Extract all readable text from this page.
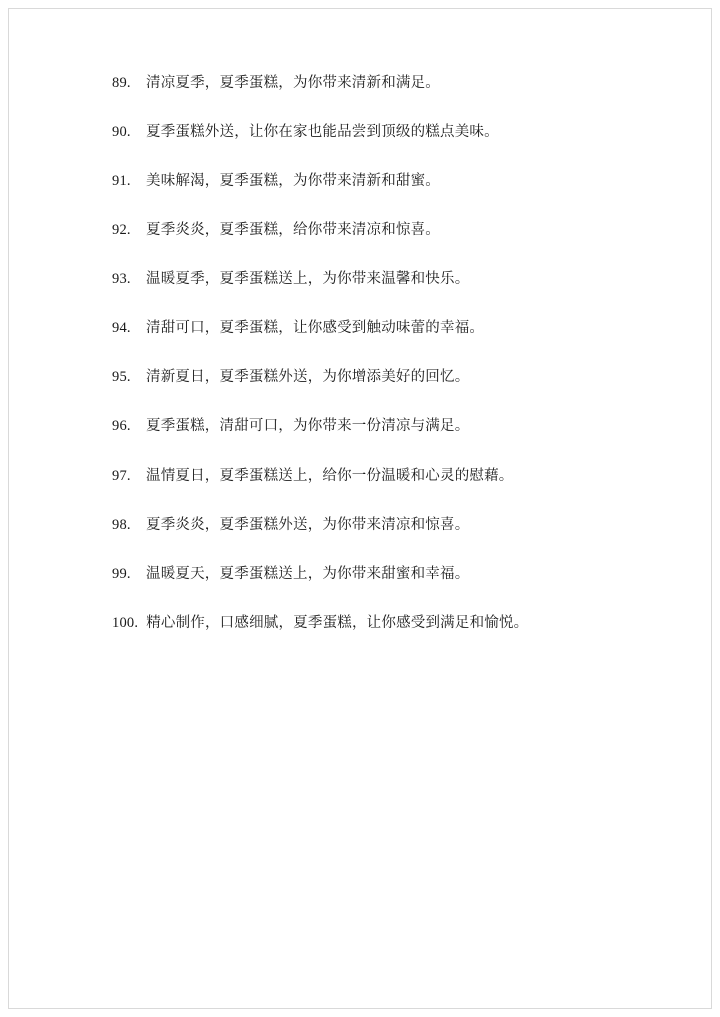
89.	清凉夏季，夏季蛋糕，为你带来清新和满足。
90.	夏季蛋糕外送，让你在家也能品尝到顶级的糕点美味。
91.	美味解渴，夏季蛋糕，为你带来清新和甜蜜。
92.	夏季炎炎，夏季蛋糕，给你带来清凉和惊喜。
93.	温暖夏季，夏季蛋糕送上，为你带来温馨和快乐。
94.	清甜可口，夏季蛋糕，让你感受到触动味蕾的幸福。
95.	清新夏日，夏季蛋糕外送，为你增添美好的回忆。
96.	夏季蛋糕，清甜可口，为你带来一份清凉与满足。
97.	温情夏日，夏季蛋糕送上，给你一份温暖和心灵的慰藉。
98.	夏季炎炎，夏季蛋糕外送，为你带来清凉和惊喜。
99.	温暖夏天，夏季蛋糕送上，为你带来甜蜜和幸福。
100. 精心制作，口感细腻，夏季蛋糕，让你感受到满足和愉悦。
